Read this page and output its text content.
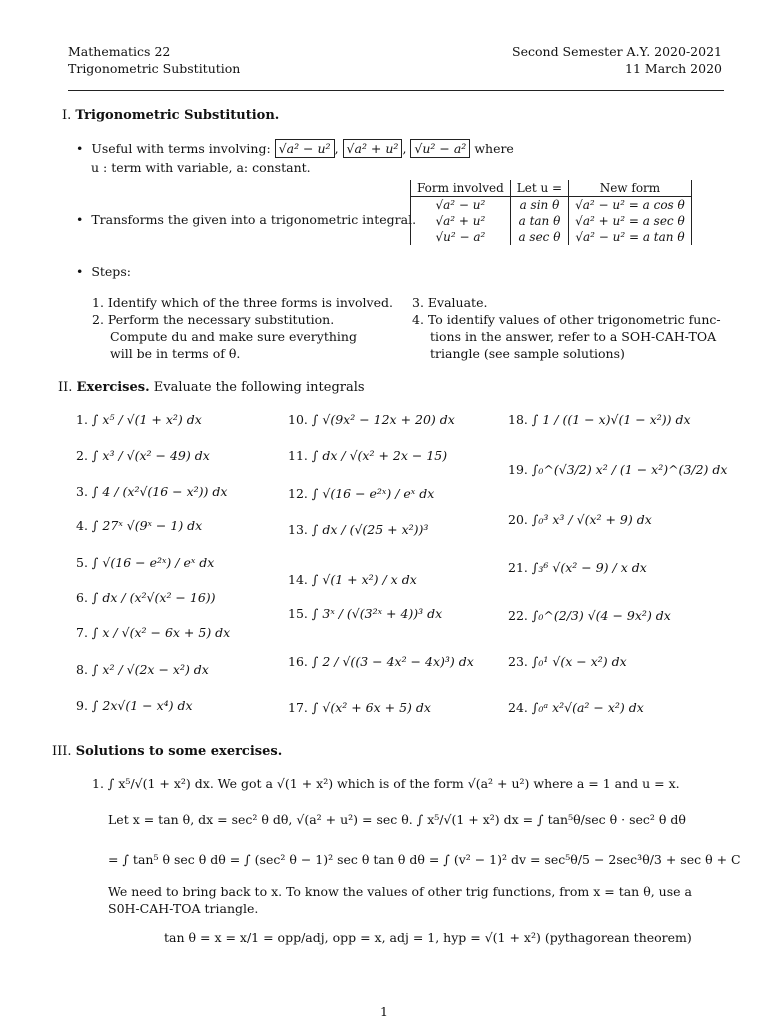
Mathematics 22
Trigonometric Substitution
Second Semester A.Y. 2020-2021
11 March 2020
I. Trigonometric Substitution.
• Useful with terms involving: √a² − u² , √a² + u² , √u² − a² where
u : term with variable, a: constant.
• Transforms the given into a trigonometric integral.
Form involved	Let u =	New form
√a² − u²	a sin θ	√a² − u² = a cos θ
√a² + u²	a tan θ	√a² + u² = a sec θ
√u² − a²	a sec θ	√a² − u² = a tan θ
• Steps:
1. Identify which of the three forms is involved.
2. Perform the necessary substitution.
Compute du and make sure everything
will be in terms of θ.
3. Evaluate.
4. To identify values of other trigonometric func-
tions in the answer, refer to a SOH-CAH-TOA
triangle (see sample solutions)
II. Exercises. Evaluate the following integrals
1. ∫ x⁵ / √(1 + x²) dx
2. ∫ x³ / √(x² − 49) dx
3. ∫ 4 / (x²√(16 − x²)) dx
4. ∫ 27ˣ √(9ˣ − 1) dx
5. ∫ √(16 − e²ˣ) / eˣ dx
6. ∫ dx / (x²√(x² − 16))
7. ∫ x / √(x² − 6x + 5) dx
8. ∫ x² / √(2x − x²) dx
9. ∫ 2x√(1 − x⁴) dx
10. ∫ √(9x² − 12x + 20) dx
11. ∫ dx / √(x² + 2x − 15)
12. ∫ √(16 − e²ˣ) / eˣ dx
13. ∫ dx / (√(25 + x²))³
14. ∫ √(1 + x²) / x dx
15. ∫ 3ˣ / (√(3²ˣ + 4))³ dx
16. ∫ 2 / √((3 − 4x² − 4x)³) dx
17. ∫ √(x² + 6x + 5) dx
18. ∫ 1 / ((1 − x)√(1 − x²)) dx
19. ∫₀^(√3/2) x² / (1 − x²)^(3/2) dx
20. ∫₀³ x³ / √(x² + 9) dx
21. ∫₃⁶ √(x² − 9) / x dx
22. ∫₀^(2/3) √(4 − 9x²) dx
23. ∫₀¹ √(x − x²) dx
24. ∫₀ᵃ x²√(a² − x²) dx
III. Solutions to some exercises.
1. ∫ x⁵/√(1 + x²) dx. We got a √(1 + x²) which is of the form √(a² + u²) where a = 1 and u = x.
Let x = tan θ, dx = sec² θ dθ, √(a² + u²) = sec θ. ∫ x⁵/√(1 + x²) dx = ∫ tan⁵θ/sec θ · sec² θ dθ
= ∫ tan⁵ θ sec θ dθ = ∫ (sec² θ − 1)² sec θ tan θ dθ = ∫ (v² − 1)² dv = sec⁵θ/5 − 2sec³θ/3 + sec θ + C
We need to bring back to x. To know the values of other trig functions, from x = tan θ, use a
S0H-CAH-TOA triangle.
tan θ = x = x/1 = opp/adj, opp = x, adj = 1, hyp = √(1 + x²) (pythagorean theorem)
1
